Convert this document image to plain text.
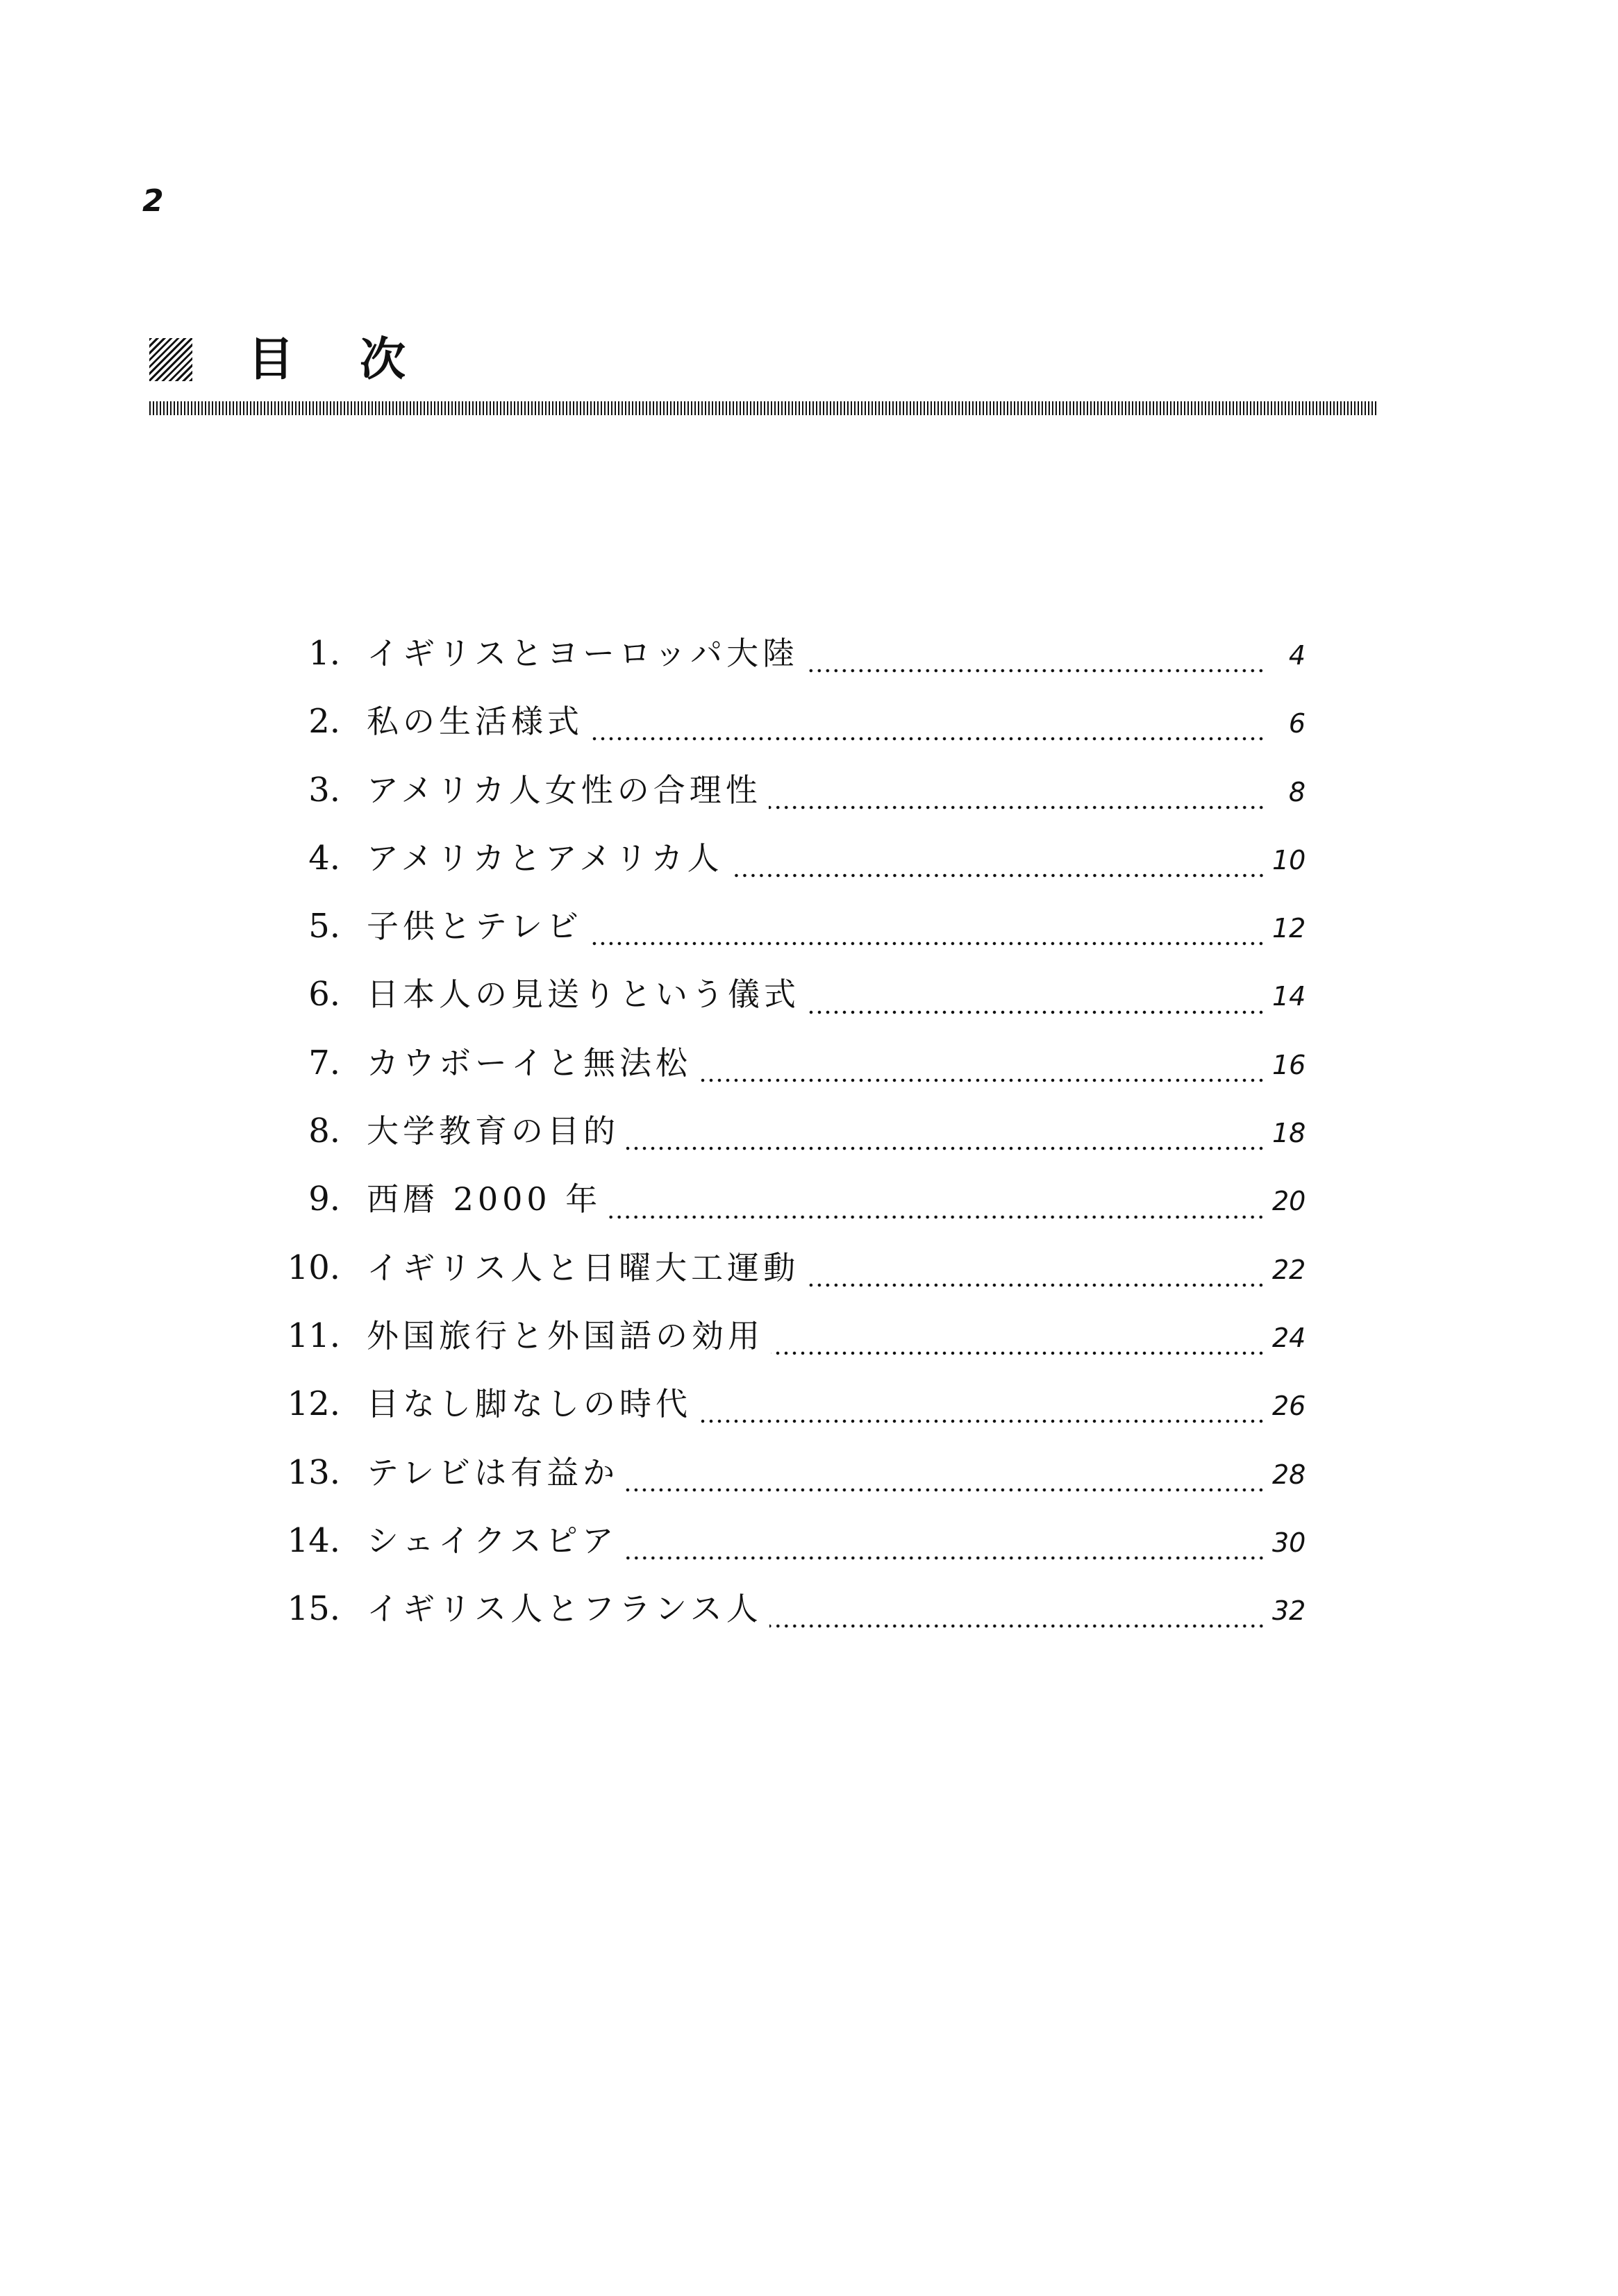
2
目 次
1. イギリスとヨーロッパ大陸	4
2. 私の生活様式	6
3. アメリカ人女性の合理性	8
4. アメリカとアメリカ人	10
5. 子供とテレビ	12
6. 日本人の見送りという儀式	14
7. カウボーイと無法松	16
8. 大学教育の目的	18
9. 西暦 2000 年	20
10. イギリス人と日曜大工運動	22
11. 外国旅行と外国語の効用	24
12. 目なし脚なしの時代	26
13. テレビは有益か	28
14. シェイクスピア	30
15. イギリス人とフランス人	32
